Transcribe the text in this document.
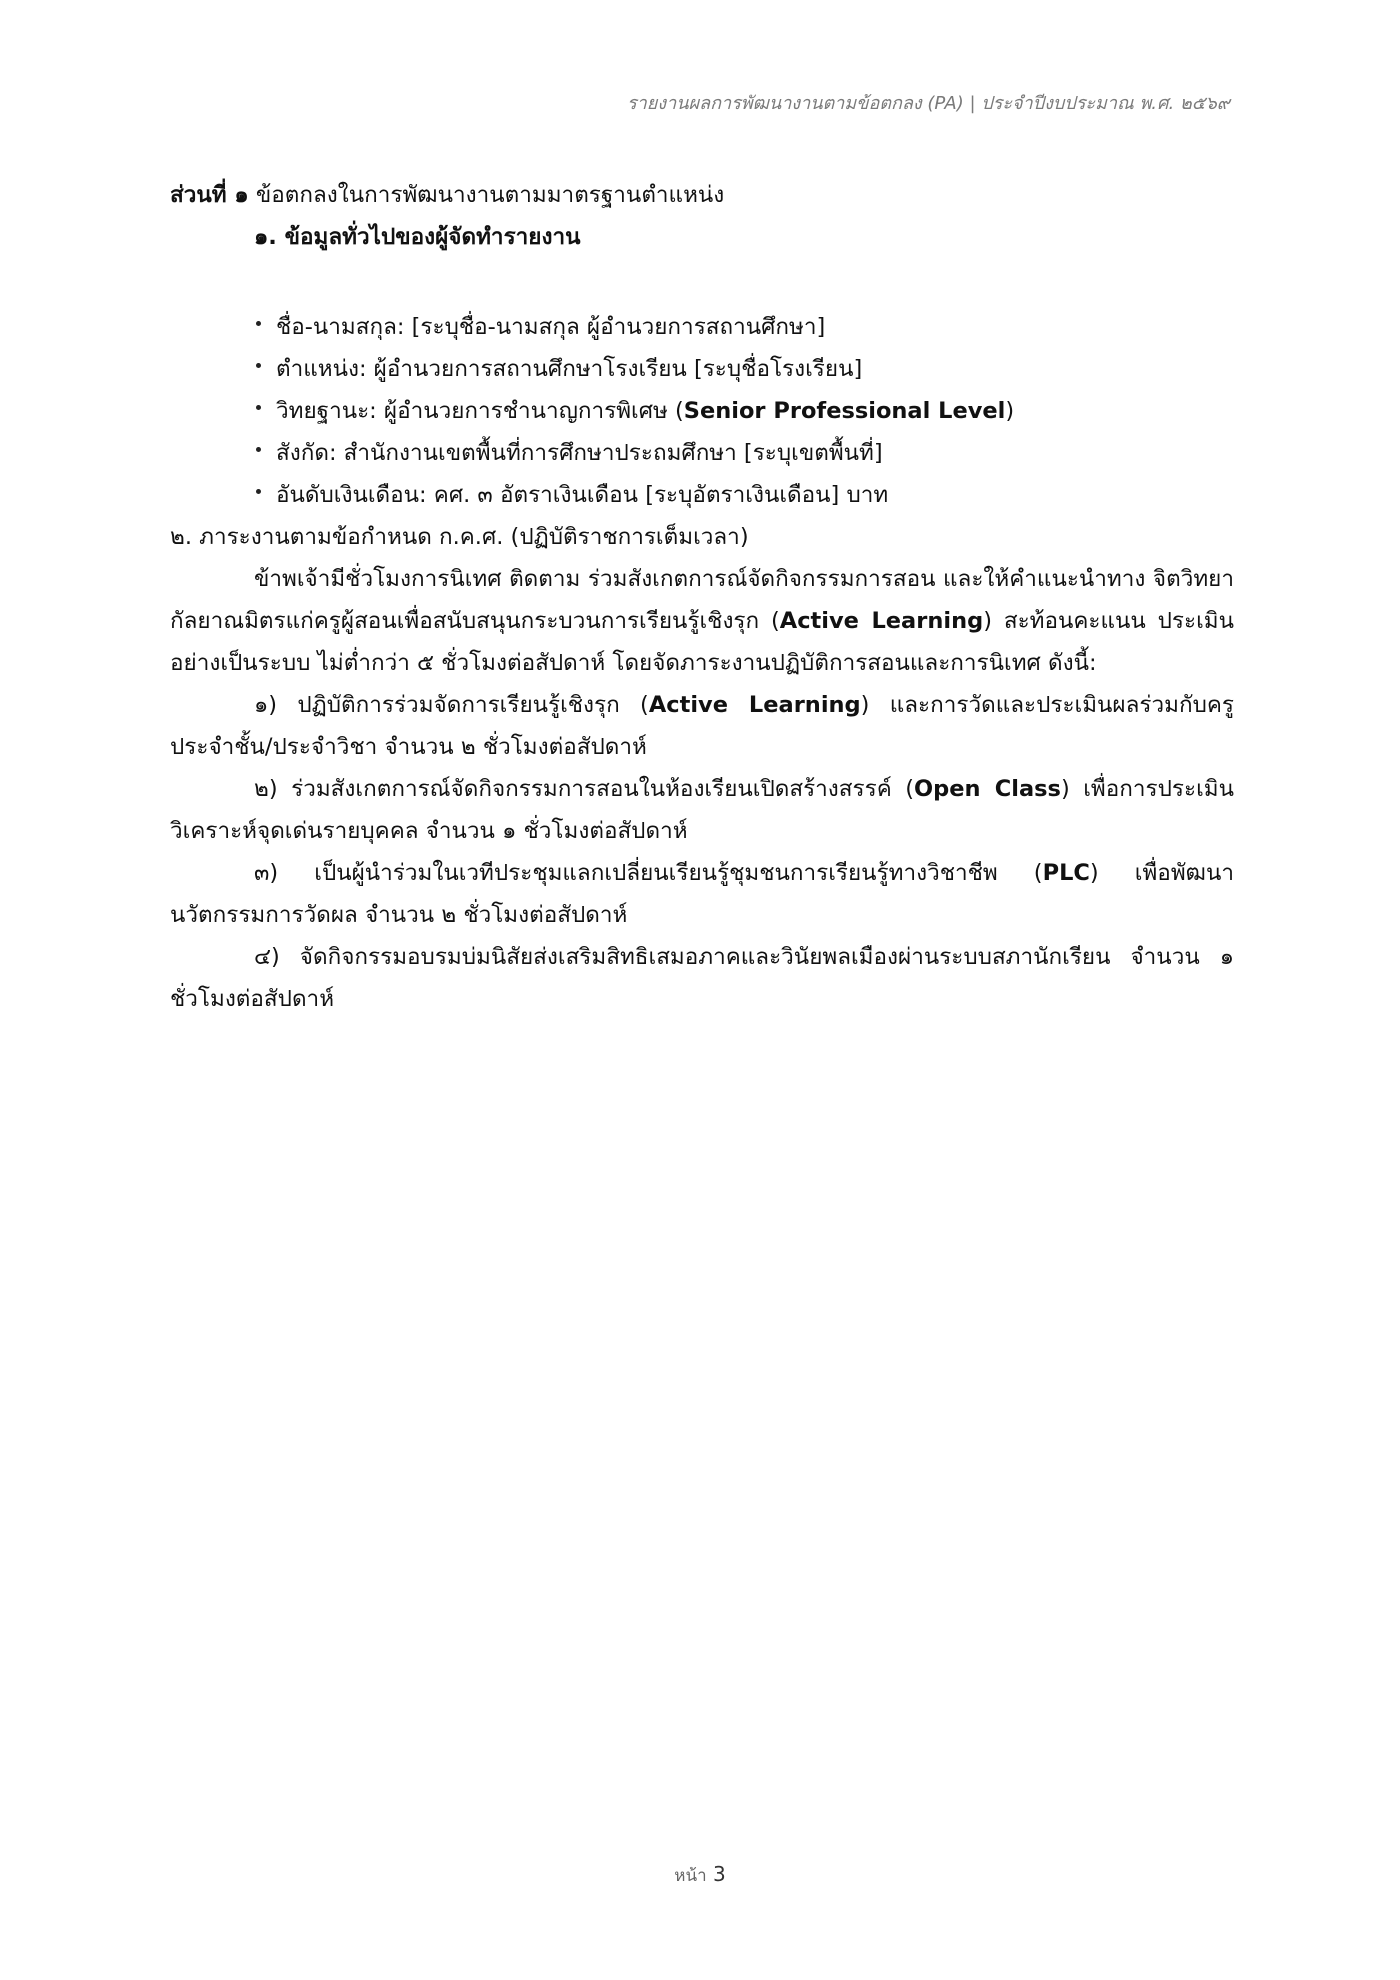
รายงานผลการพัฒนางานตามข้อตกลง (PA) | ประจำปีงบประมาณ พ.ศ. ๒๕๖๙

ส่วนที่ ๑ ข้อตกลงในการพัฒนางานตามมาตรฐานตำแหน่ง

๑. ข้อมูลทั่วไปของผู้จัดทำรายงาน

ชื่อ-นามสกุล: [ระบุชื่อ-นามสกุล ผู้อำนวยการสถานศึกษา]
ตำแหน่ง: ผู้อำนวยการสถานศึกษาโรงเรียน [ระบุชื่อโรงเรียน]
วิทยฐานะ: ผู้อำนวยการชำนาญการพิเศษ (Senior Professional Level)
สังกัด: สำนักงานเขตพื้นที่การศึกษาประถมศึกษา [ระบุเขตพื้นที่]
อันดับเงินเดือน: คศ. ๓ อัตราเงินเดือน [ระบุอัตราเงินเดือน] บาท

๒. ภาระงานตามข้อกำหนด ก.ค.ศ. (ปฏิบัติราชการเต็มเวลา)

ข้าพเจ้ามีชั่วโมงการนิเทศ ติดตาม ร่วมสังเกตการณ์จัดกิจกรรมการสอน และให้คำแนะนำทาง จิตวิทยากัลยาณมิตรแก่ครูผู้สอนเพื่อสนับสนุนกระบวนการเรียนรู้เชิงรุก (Active Learning) สะท้อนคะแนน ประเมินอย่างเป็นระบบ ไม่ต่ำกว่า ๕ ชั่วโมงต่อสัปดาห์ โดยจัดภาระงานปฏิบัติการสอนและการนิเทศ ดังนี้:

๑) ปฏิบัติการร่วมจัดการเรียนรู้เชิงรุก (Active Learning) และการวัดและประเมินผลร่วมกับครู ประจำชั้น/ประจำวิชา จำนวน ๒ ชั่วโมงต่อสัปดาห์

๒) ร่วมสังเกตการณ์จัดกิจกรรมการสอนในห้องเรียนเปิดสร้างสรรค์ (Open Class) เพื่อการประเมิน วิเคราะห์จุดเด่นรายบุคคล จำนวน ๑ ชั่วโมงต่อสัปดาห์

๓) เป็นผู้นำร่วมในเวทีประชุมแลกเปลี่ยนเรียนรู้ชุมชนการเรียนรู้ทางวิชาชีพ (PLC) เพื่อพัฒนา นวัตกรรมการวัดผล จำนวน ๒ ชั่วโมงต่อสัปดาห์

๔) จัดกิจกรรมอบรมบ่มนิสัยส่งเสริมสิทธิเสมอภาคและวินัยพลเมืองผ่านระบบสภานักเรียน จำนวน ๑ ชั่วโมงต่อสัปดาห์

หน้า 3
